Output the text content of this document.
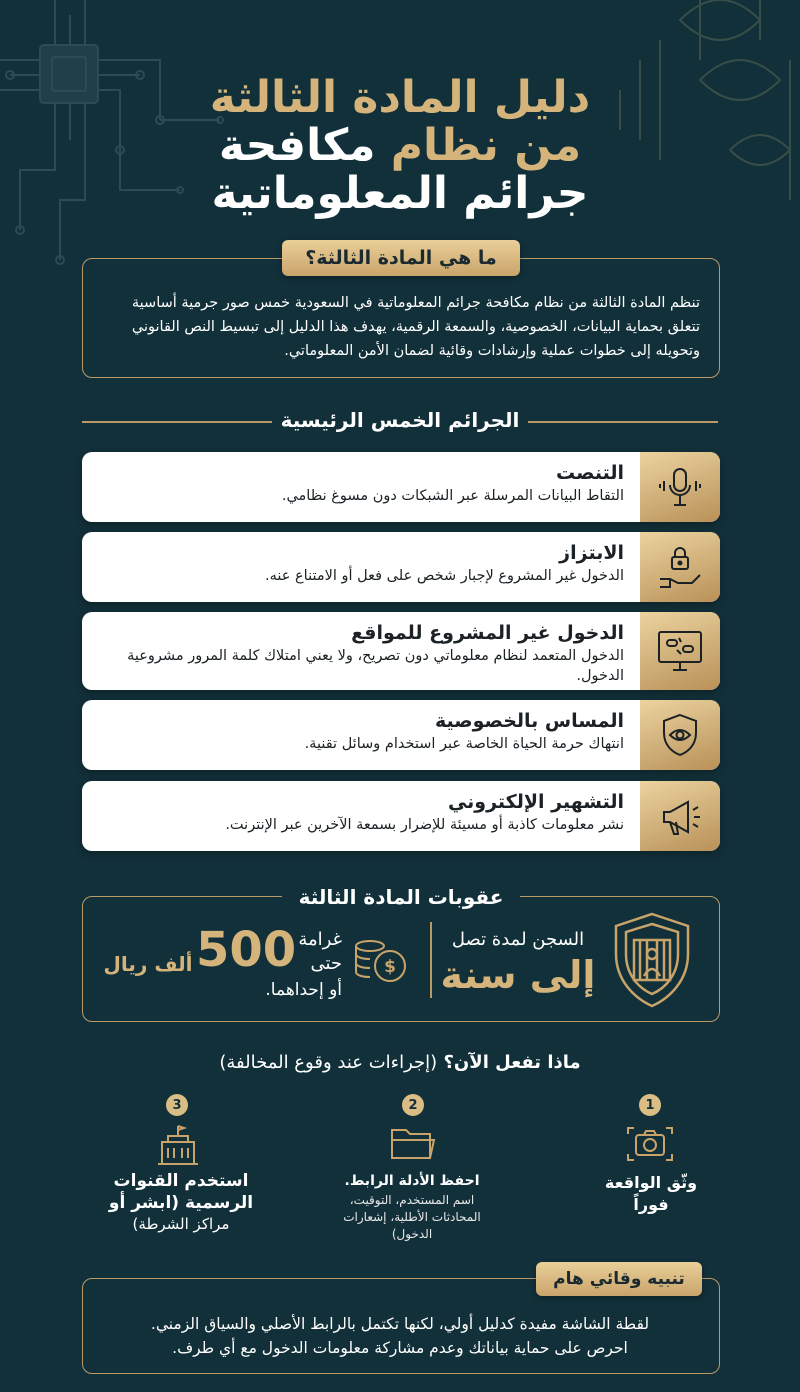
دليل المادة الثالثة
من نظام مكافحة
جرائم المعلوماتية
ما هي المادة الثالثة؟
تنظم المادة الثالثة من نظام مكافحة جرائم المعلوماتية في السعودية خمس صور جرمية أساسية تتعلق بحماية البيانات، الخصوصية، والسمعة الرقمية، يهدف هذا الدليل إلى تبسيط النص القانوني وتحويله إلى خطوات عملية وإرشادات وقائية لضمان الأمن المعلوماتي.
الجرائم الخمس الرئيسية
التنصت
التقاط البيانات المرسلة عبر الشبكات دون مسوغ نظامي.
الابتزاز
الدخول غير المشروع لإجبار شخص على فعل أو الامتناع عنه.
الدخول غير المشروع للمواقع
الدخول المتعمد لنظام معلوماتي دون تصريح، ولا يعني امتلاك كلمة المرور مشروعية الدخول.
المساس بالخصوصية
انتهاك حرمة الحياة الخاصة عبر استخدام وسائل تقنية.
التشهير الإلكتروني
نشر معلومات كاذبة أو مسيئة للإضرار بسمعة الآخرين عبر الإنترنت.
عقوبات المادة الثالثة
السجن لمدة تصل
إلى سنة
$
غرامة
حتى
500
ألف ريال
أو إحداهما.
ماذا تفعل الآن؟ (إجراءات عند وقوع المخالفة)
1
وثّق الواقعة فوراً
2
احفظ الأدلة الرابط.
اسم المستخدم، التوقيت، المحادثات الأطلية، إشعارات الدخول)
3
استخدم القنوات الرسمية (ابشر أو
مراكز الشرطة)
تنبيه وقائي هام
لقطة الشاشة مفيدة كدليل أولي، لكنها تكتمل بالرابط الأصلي والسياق الزمني.
احرص على حماية بياناتك وعدم مشاركة معلومات الدخول مع أي طرف.
